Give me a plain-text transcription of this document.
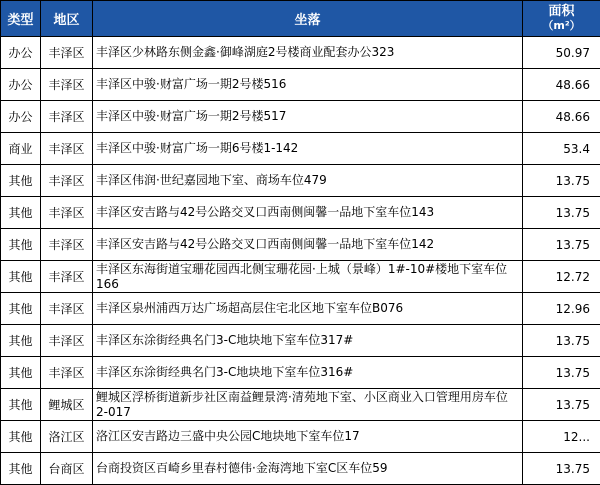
类型	地区	坐落	面积
（m²）
办公	丰泽区	丰泽区少林路东侧金鑫·御峰湖庭2号楼商业配套办公323	50.97
办公	丰泽区	丰泽区中骏·财富广场一期2号楼516	48.66
办公	丰泽区	丰泽区中骏·财富广场一期2号楼517	48.66
商业	丰泽区	丰泽区中骏·财富广场一期6号楼1-142	53.4
其他	丰泽区	丰泽区伟润·世纪嘉园地下室、商场车位479	13.75
其他	丰泽区	丰泽区安吉路与42号公路交叉口西南侧闽馨一品地下室车位143	13.75
其他	丰泽区	丰泽区安吉路与42号公路交叉口西南侧闽馨一品地下室车位142	13.75
其他	丰泽区	丰泽区东海街道宝珊花园西北侧宝珊花园·上城（景峰）1#-10#楼地下室车位166	12.72
其他	丰泽区	丰泽区泉州浦西万达广场超高层住宅北区地下室车位B076	12.96
其他	丰泽区	丰泽区东涂街经典名门3-C地块地下室车位317#	13.75
其他	丰泽区	丰泽区东涂街经典名门3-C地块地下室车位316#	13.75
其他	鲤城区	鲤城区浮桥街道新步社区南益鲤景湾·清苑地下室、小区商业入口管理用房车位2-017	13.75
其他	洛江区	洛江区安吉路边三盛中央公园C地块地下室车位17	12...
其他	台商区	台商投资区百崎乡里春村德伟·金海湾地下室C区车位59	13.75
